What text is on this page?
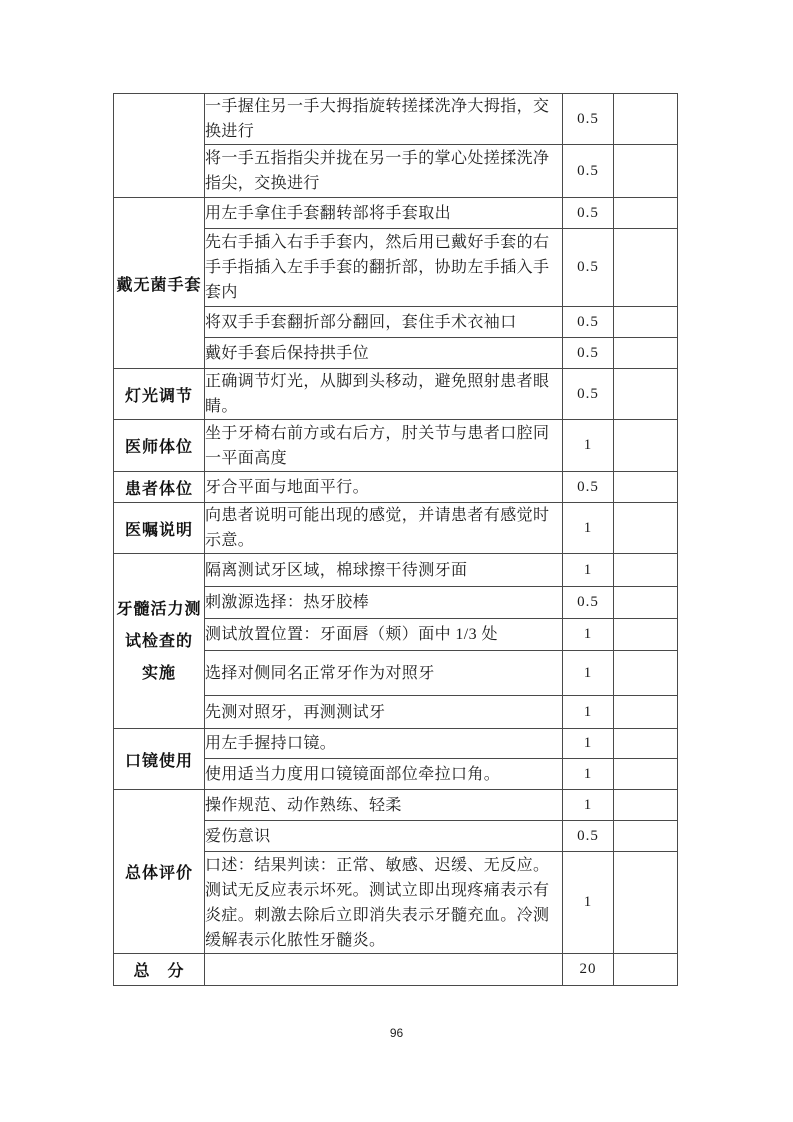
	一手握住另一手大拇指旋转搓揉洗净大拇指，交换进行	0.5	
	将一手五指指尖并拢在另一手的掌心处搓揉洗净指尖，交换进行	0.5	
戴无菌手套	用左手拿住手套翻转部将手套取出	0.5	
	先右手插入右手手套内，然后用已戴好手套的右手手指插入左手手套的翻折部，协助左手插入手套内	0.5	
	将双手手套翻折部分翻回，套住手术衣袖口	0.5	
	戴好手套后保持拱手位	0.5	
灯光调节	正确调节灯光，从脚到头移动，避免照射患者眼睛。	0.5	
医师体位	坐于牙椅右前方或右后方，肘关节与患者口腔同一平面高度	1	
患者体位	牙合平面与地面平行。	0.5	
医嘱说明	向患者说明可能出现的感觉，并请患者有感觉时示意。	1	

牙髓活力测
试检查的
实施	隔离测试牙区域，棉球擦干待测牙面	1	
	刺激源选择：热牙胶棒	0.5	
	测试放置位置：牙面唇（颊）面中 1/3 处	1	
	选择对侧同名正常牙作为对照牙	1	
	先测对照牙，再测测试牙	1	
口镜使用	用左手握持口镜。	1	
	使用适当力度用口镜镜面部位牵拉口角。	1	
总体评价	操作规范、动作熟练、轻柔	1	
	爱伤意识	0.5	
	口述：结果判读：正常、敏感、迟缓、无反应。测试无反应表示坏死。测试立即出现疼痛表示有炎症。刺激去除后立即消失表示牙髓充血。冷测缓解表示化脓性牙髓炎。	1	
总　分		20	
96
